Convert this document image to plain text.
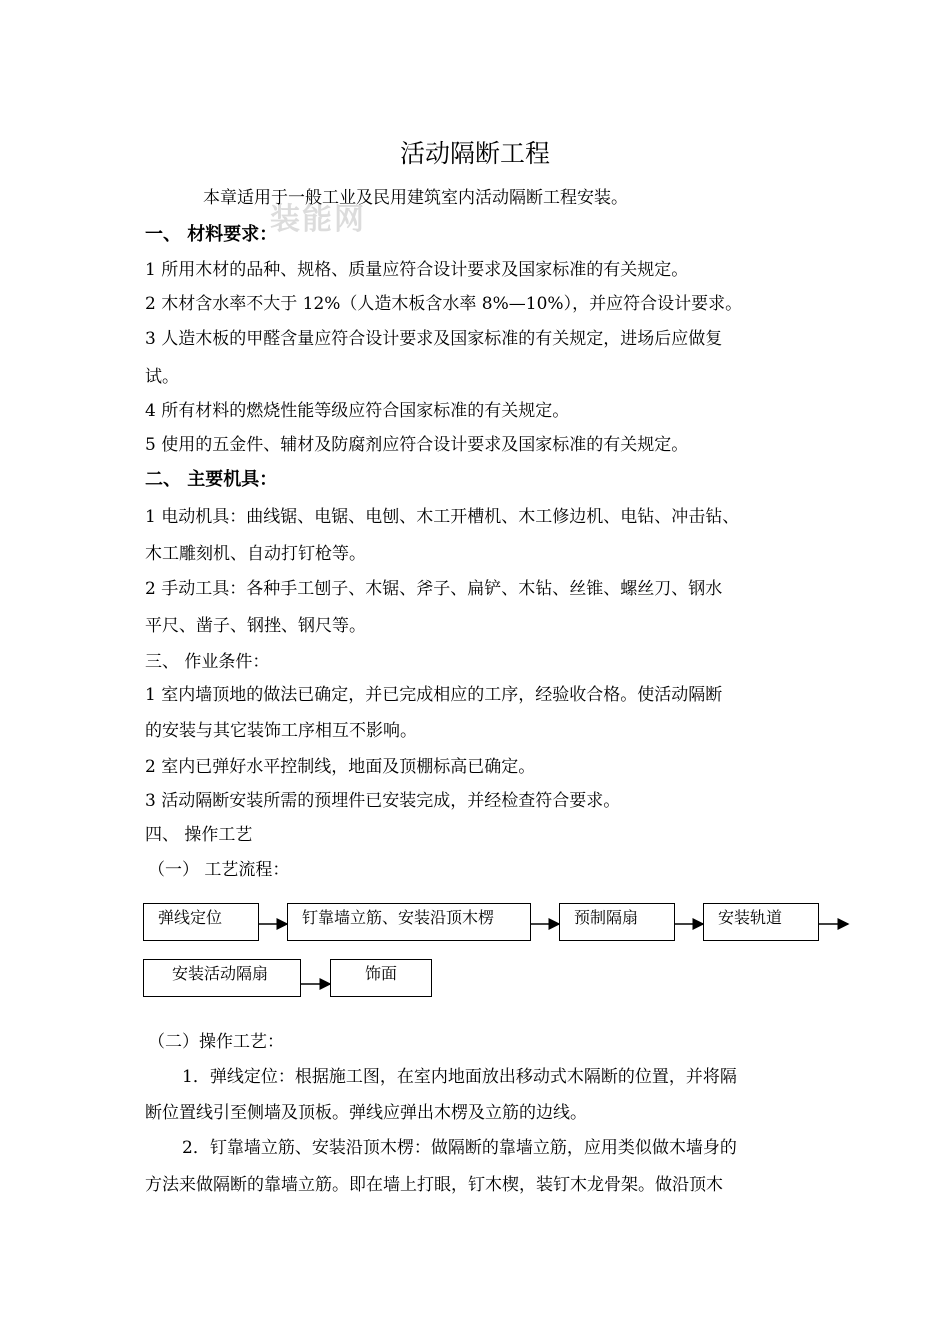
活动隔断工程
装能网
本章适用于一般工业及民用建筑室内活动隔断工程安装。
一、 材料要求：
1 所用木材的品种、规格、质量应符合设计要求及国家标准的有关规定。
2 木材含水率不大于 12%（人造木板含水率 8%—10%），并应符合设计要求。
3 人造木板的甲醛含量应符合设计要求及国家标准的有关规定，进场后应做复
试。
4 所有材料的燃烧性能等级应符合国家标准的有关规定。
5 使用的五金件、辅材及防腐剂应符合设计要求及国家标准的有关规定。
二、 主要机具：
1 电动机具：曲线锯、电锯、电刨、木工开槽机、木工修边机、电钻、冲击钻、
木工雕刻机、自动打钉枪等。
2 手动工具：各种手工刨子、木锯、斧子、扁铲、木钻、丝锥、螺丝刀、钢水
平尺、凿子、钢挫、钢尺等。
三、 作业条件：
1 室内墙顶地的做法已确定，并已完成相应的工序，经验收合格。使活动隔断
的安装与其它装饰工序相互不影响。
2 室内已弹好水平控制线，地面及顶棚标高已确定。
3 活动隔断安装所需的预埋件已安装完成，并经检查符合要求。
四、 操作工艺
（一） 工艺流程：
弹线定位	钉靠墙立筋、安装沿顶木楞	预制隔扇	安装轨道
安装活动隔扇	饰面
（二）操作工艺：
1．弹线定位：根据施工图，在室内地面放出移动式木隔断的位置，并将隔
断位置线引至侧墙及顶板。弹线应弹出木楞及立筋的边线。
2．钉靠墙立筋、安装沿顶木楞：做隔断的靠墙立筋，应用类似做木墙身的
方法来做隔断的靠墙立筋。即在墙上打眼，钉木楔，装钉木龙骨架。做沿顶木
